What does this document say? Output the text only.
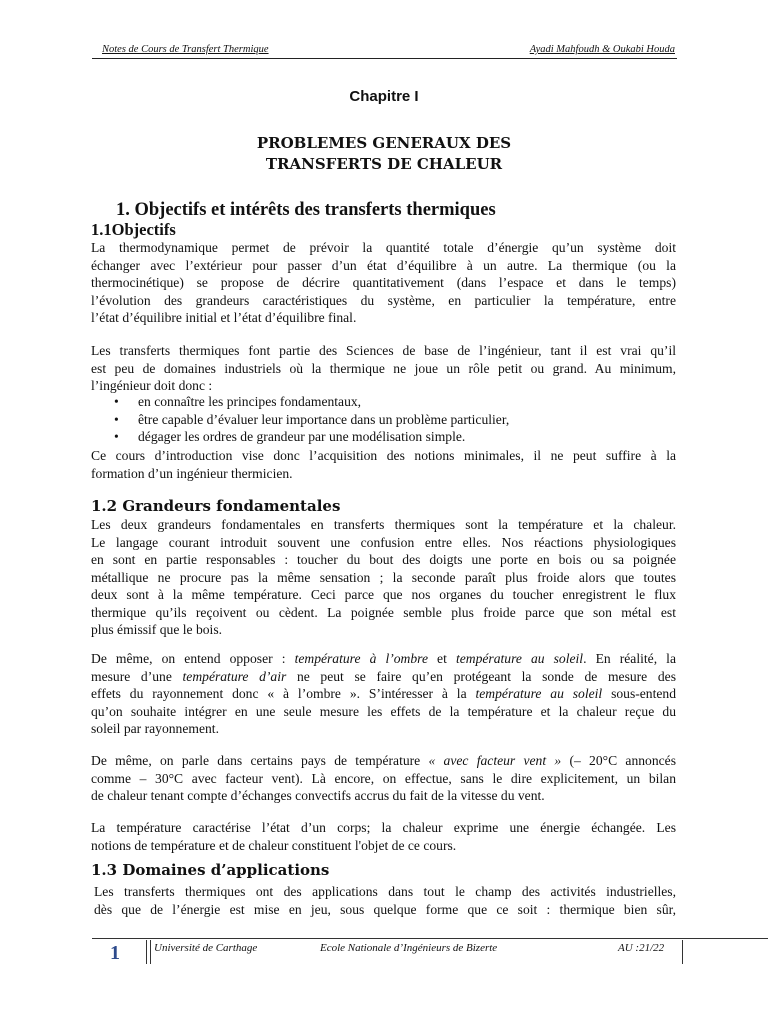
Notes de Cours de Transfert Thermique	Ayadi Mahfoudh & Oukabi Houda
Chapitre I
PROBLEMES GENERAUX DES
TRANSFERTS DE CHALEUR
1. Objectifs et intérêts des transferts thermiques
1.1Objectifs
La thermodynamique permet de prévoir la quantité totale d’énergie qu’un système doit
échanger avec l’extérieur pour passer d’un état d’équilibre à un autre. La thermique (ou la
thermocinétique) se propose de décrire quantitativement (dans l’espace et dans le temps)
l’évolution des grandeurs caractéristiques du système, en particulier la température, entre
l’état d’équilibre initial et l’état d’équilibre final.
Les transferts thermiques font partie des Sciences de base de l’ingénieur, tant il est vrai qu’il
est peu de domaines industriels où la thermique ne joue un rôle petit ou grand. Au minimum,
l’ingénieur doit donc :
• en connaître les principes fondamentaux,
• être capable d’évaluer leur importance dans un problème particulier,
• dégager les ordres de grandeur par une modélisation simple.
Ce cours d’introduction vise donc l’acquisition des notions minimales, il ne peut suffire à la
formation d’un ingénieur thermicien.
1.2 Grandeurs fondamentales
Les deux grandeurs fondamentales en transferts thermiques sont la température et la chaleur.
Le langage courant introduit souvent une confusion entre elles. Nos réactions physiologiques
en sont en partie responsables : toucher du bout des doigts une porte en bois ou sa poignée
métallique ne procure pas la même sensation ; la seconde paraît plus froide alors que toutes
deux sont à la même température. Ceci parce que nos organes du toucher enregistrent le flux
thermique qu’ils reçoivent ou cèdent. La poignée semble plus froide parce que son métal est
plus émissif que le bois.
De même, on entend opposer : température à l’ombre et température au soleil. En réalité, la
mesure d’une température d’air ne peut se faire qu’en protégeant la sonde de mesure des
effets du rayonnement donc « à l’ombre ». S’intéresser à la température au soleil sous-entend
qu’on souhaite intégrer en une seule mesure les effets de la température et la chaleur reçue du
soleil par rayonnement.
De même, on parle dans certains pays de température « avec facteur vent » (– 20°C annoncés
comme – 30°C avec facteur vent). Là encore, on effectue, sans le dire explicitement, un bilan
de chaleur tenant compte d’échanges convectifs accrus du fait de la vitesse du vent.
La température caractérise l’état d’un corps; la chaleur exprime une énergie échangée. Les
notions de température et de chaleur constituent l'objet de ce cours.
1.3 Domaines d’applications
Les transferts thermiques ont des applications dans tout le champ des activités industrielles,
dès que de l’énergie est mise en jeu, sous quelque forme que ce soit : thermique bien sûr,
1	Université de Carthage	Ecole Nationale d’Ingénieurs de Bizerte	AU :21/22
